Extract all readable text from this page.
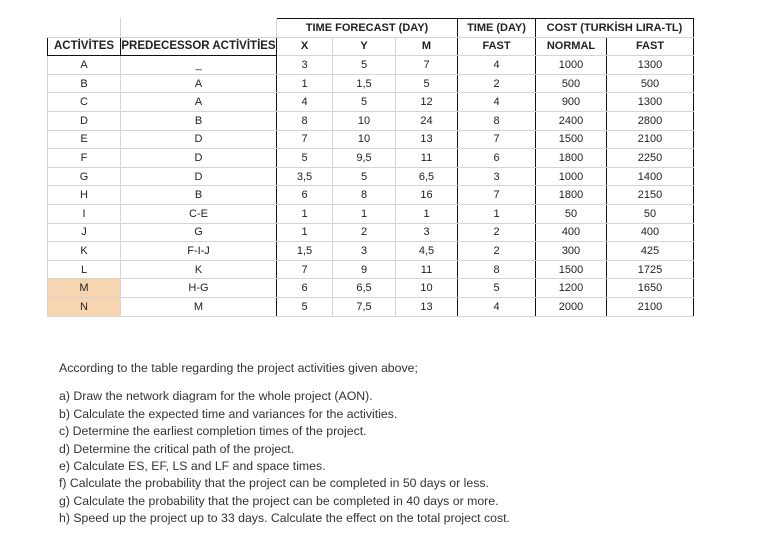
		TIME FORECAST (DAY)			TIME (DAY)	COST (TURKİSH LIRA-TL)	
ACTİVİTES	PREDECESSOR ACTİVİTİES	X	Y	M	FAST	NORMAL	FAST
A	_	3	5	7	4	1000	1300
B	A	1	1,5	5	2	500	500
C	A	4	5	12	4	900	1300
D	B	8	10	24	8	2400	2800
E	D	7	10	13	7	1500	2100
F	D	5	9,5	11	6	1800	2250
G	D	3,5	5	6,5	3	1000	1400
H	B	6	8	16	7	1800	2150
I	C-E	1	1	1	1	50	50
J	G	1	2	3	2	400	400
K	F-I-J	1,5	3	4,5	2	300	425
L	K	7	9	11	8	1500	1725
M	H-G	6	6,5	10	5	1200	1650
N	M	5	7,5	13	4	2000	2100
According to the table regarding the project activities given above;
a) Draw the network diagram for the whole project (AON).
b) Calculate the expected time and variances for the activities.
c) Determine the earliest completion times of the project.
d) Determine the critical path of the project.
e) Calculate ES, EF, LS and LF and space times.
f) Calculate the probability that the project can be completed in 50 days or less.
g) Calculate the probability that the project can be completed in 40 days or more.
h) Speed up the project up to 33 days. Calculate the effect on the total project cost.
